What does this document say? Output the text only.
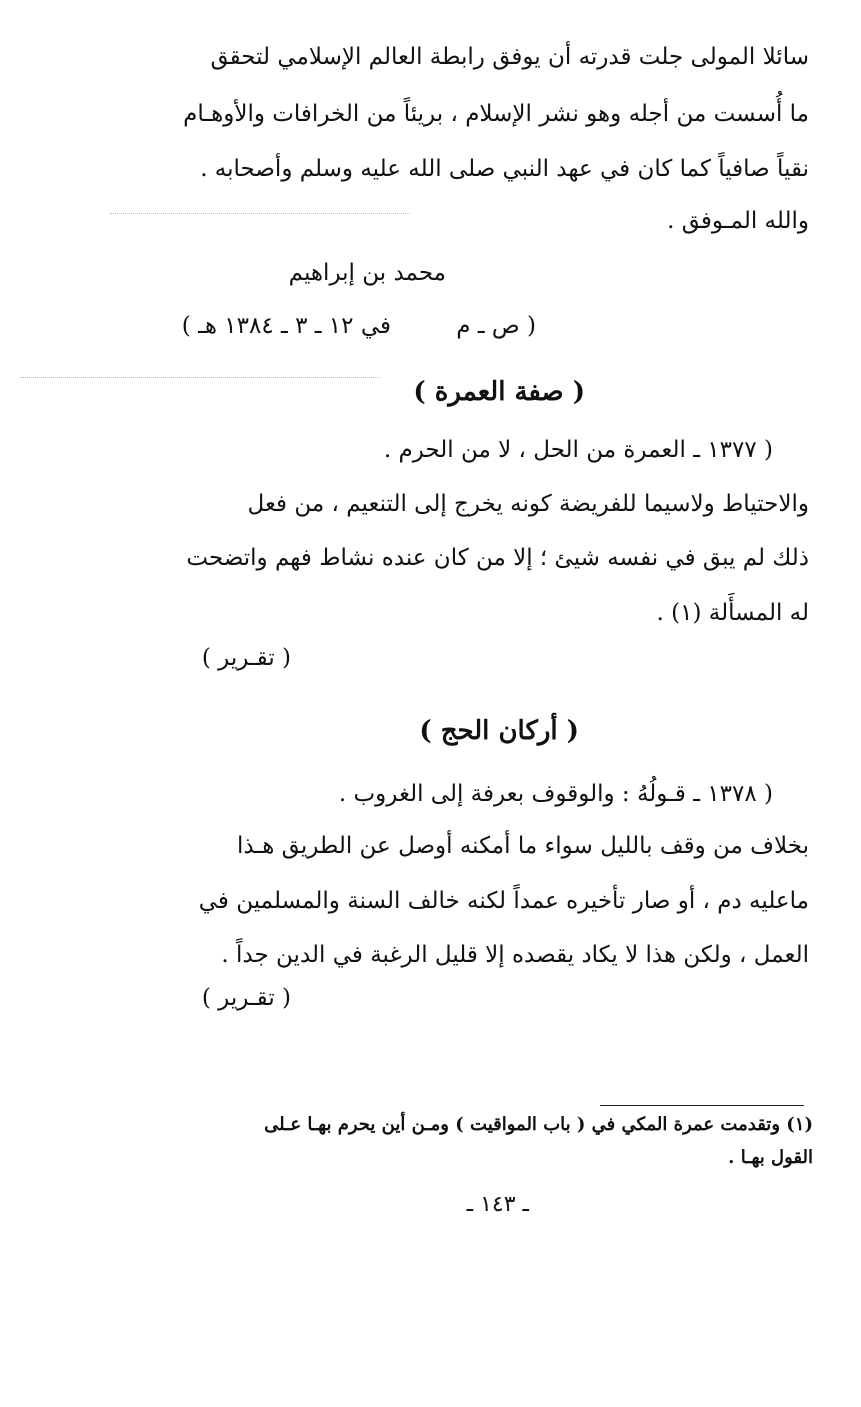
سائلا المولى جلت قدرته أن يوفق رابطة العالم الإسلامي لتحقق
ما أُسست من أجله وهو نشر الإسلام ، بريئاً من الخرافات والأوهـام
نقياً صافياً كما كان في عهد النبي صلى الله عليه وسلم وأصحابه .
والله المـوفق .
محمد بن إبراهيم
( ص ـ م
في ١٢ ـ ٣ ـ ١٣٨٤ هـ )
( صفة العمرة )
( ١٣٧٧ ـ العمرة من الحل ، لا من الحرم .
والاحتياط ولاسيما للفريضة كونه يخرج إلى التنعيم ، من فعل
ذلك لم يبق في نفسه شيئ ؛ إلا من كان عنده نشاط فهم واتضحت
له المسأَلة (١) .
( تقـرير )
( أركان الحج )
( ١٣٧٨ ـ قـولُهُ : والوقوف بعرفة إلى الغروب .
بخلاف من وقف بالليل سواء ما أمكنه أوصل عن الطريق هـذا
ماعليه دم ، أو صار تأخيره عمداً لكنه خالف السنة والمسلمين في
العمل ، ولكن هذا لا يكاد يقصده إلا قليل الرغبة في الدين جداً .
( تقـرير )
(١) وتقدمت عمرة المكي في ( باب المواقيت ) ومـن أين يحرم بهـا عـلى
القول بهـا .
ـ ١٤٣ ـ
